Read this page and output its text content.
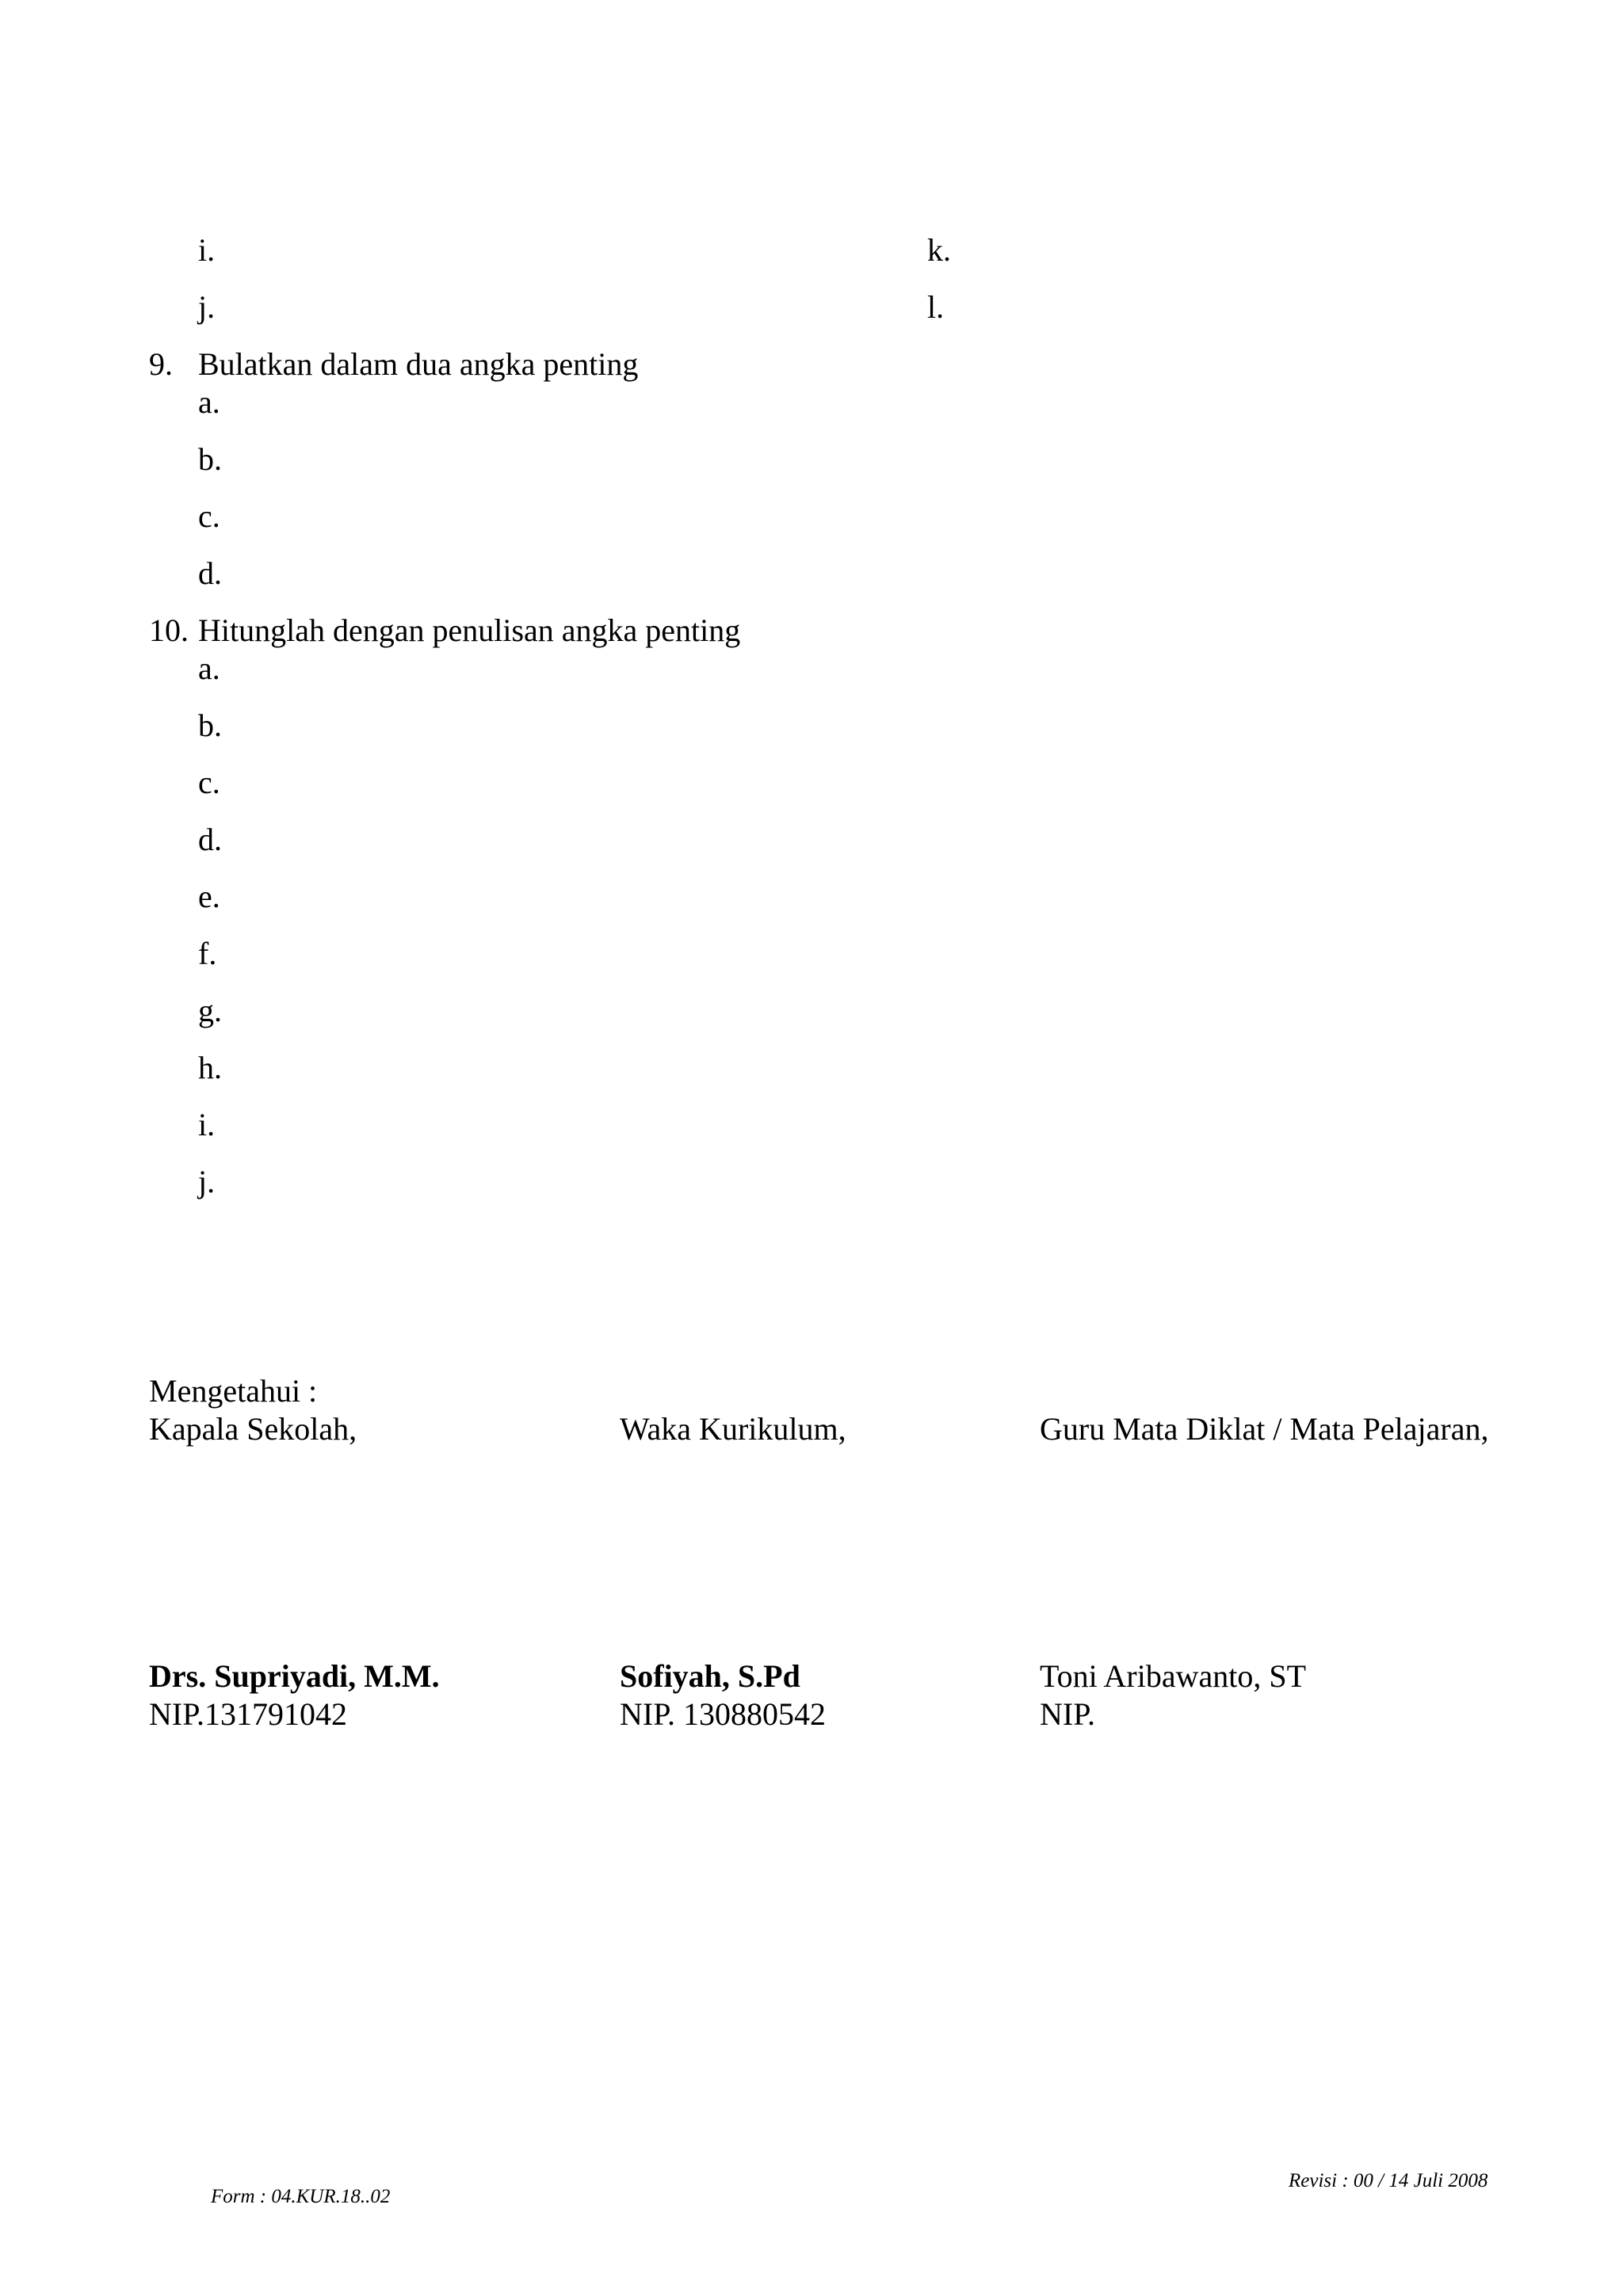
i.
j.
k.
l.
9. Bulatkan dalam dua angka penting
a.
b.
c.
d.
10. Hitunglah dengan penulisan angka penting
a.
b.
c.
d.
e.
f.
g.
h.
i.
j.
Mengetahui :
Kapala Sekolah,	Waka Kurikulum,	Guru Mata Diklat / Mata Pelajaran,
Drs. Supriyadi, M.M.
NIP.131791042
Sofiyah, S.Pd
NIP. 130880542
Toni Aribawanto, ST
NIP.
Form : 04.KUR.18..02
Revisi : 00 / 14 Juli 2008
